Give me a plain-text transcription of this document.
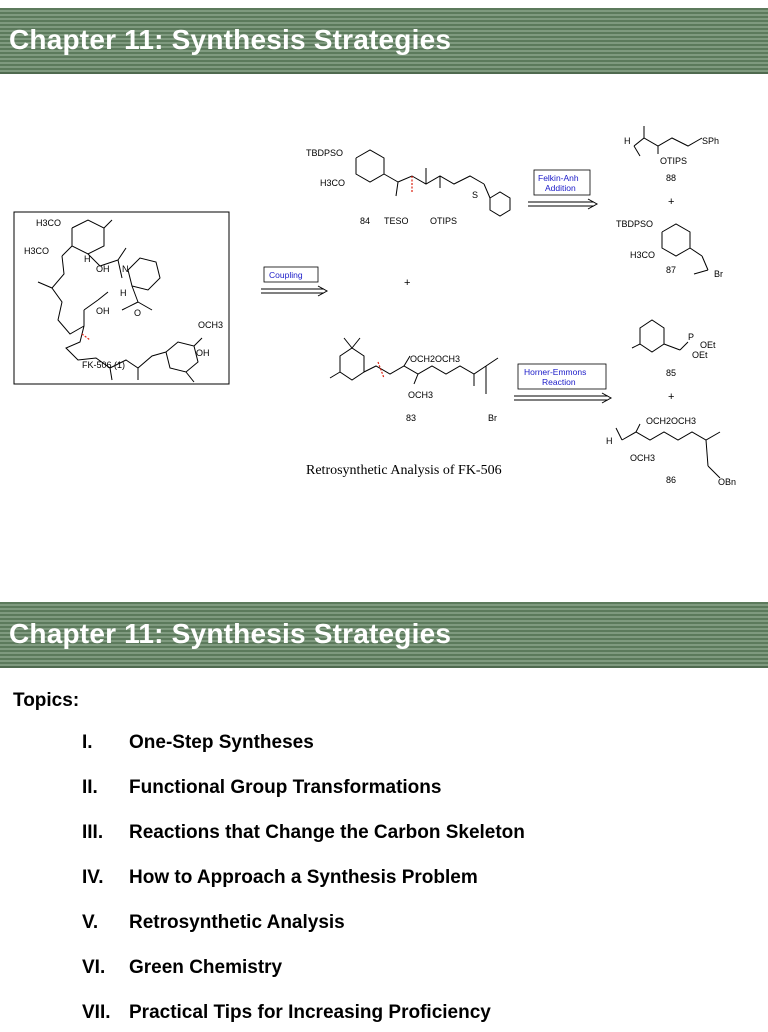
Chapter 11: Synthesis Strategies
H3CO
H3CO
H
OH N
H
OH	O
OCH3
OH
FK-506 (1)
Coupling
TBDPSO
H3CO
TESO OTIPS
S
84
+
Felkin-Anh
Addition
H	SPh
OTIPS
88
+
TBDPSO
H3CO
Br
87
OCH2OCH3
OCH3
Br
83
Horner-Emmons
Reaction
P
OEt
OEt
85
+
H
OCH2OCH3
OCH3
OBn
86
Retrosynthetic Analysis of FK-506
Chapter 11: Synthesis Strategies
Topics:
I. One-Step Syntheses
II. Functional Group Transformations
III. Reactions that Change the Carbon Skeleton
IV. How to Approach a Synthesis Problem
V. Retrosynthetic Analysis
VI. Green Chemistry
VII. Practical Tips for Increasing Proficiency
